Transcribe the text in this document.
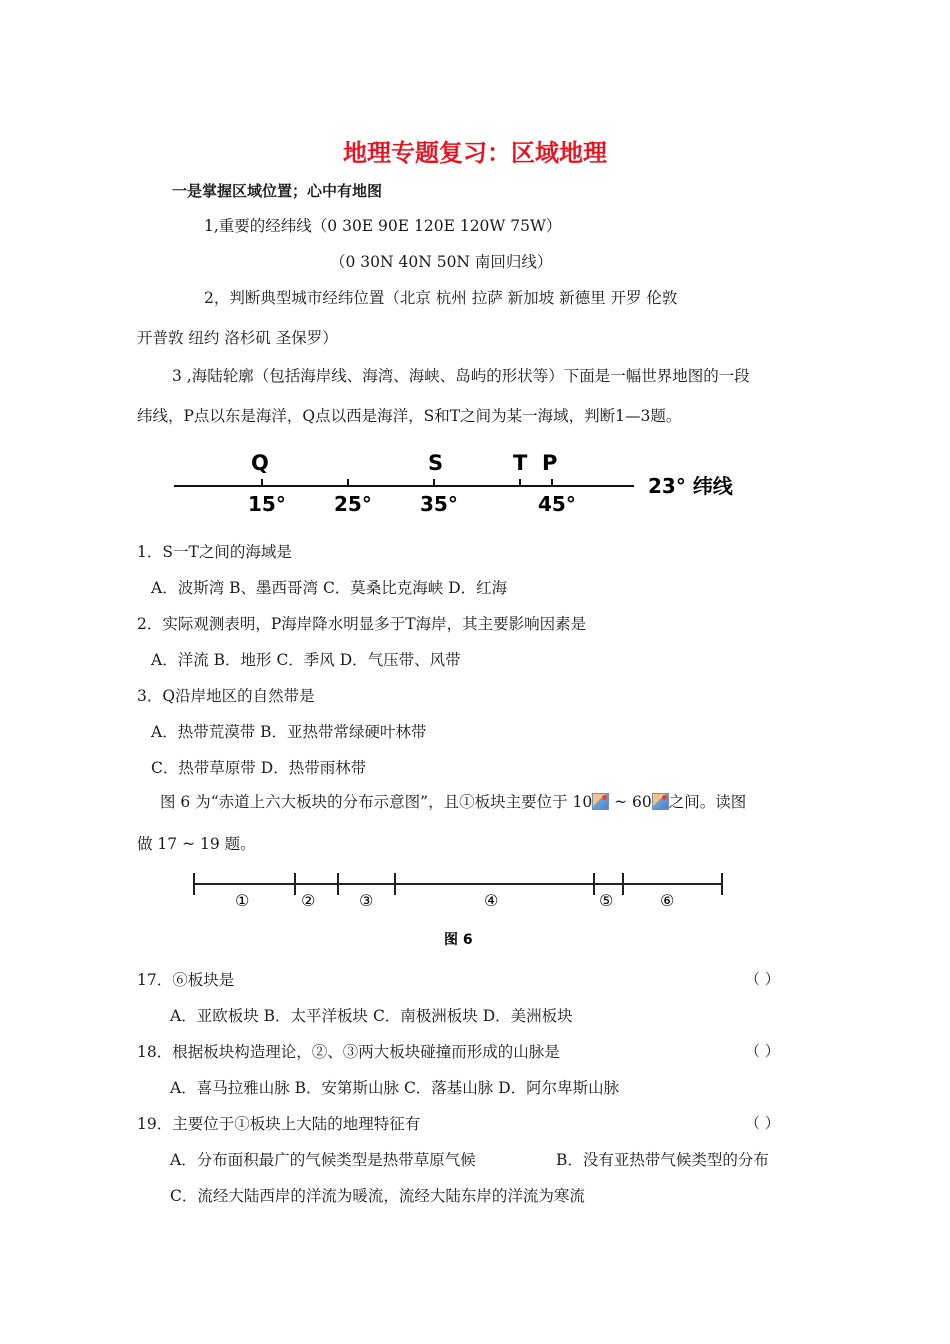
地理专题复习：区域地理
一是掌握区域位置；心中有地图
1,重要的经纬线（0 30E 90E 120E 120W 75W）
（0 30N 40N 50N 南回归线）
2，判断典型城市经纬位置（北京 杭州 拉萨 新加坡 新德里 开罗 伦敦
开普敦 纽约 洛杉矶 圣保罗）
3 ,海陆轮廓（包括海岸线、海湾、海峡、岛屿的形状等）下面是一幅世界地图的一段
纬线，P点以东是海洋，Q点以西是海洋，S和T之间为某一海域，判断1—3题。
Q	S	T P
15° 25° 35°	45°
23° 纬线
1．S一T之间的海域是
A．波斯湾 B、墨西哥湾 C．莫桑比克海峡 D．红海
2．实际观测表明，P海岸降水明显多于T海岸，其主要影响因素是
A．洋流 B．地形 C．季风 D．气压带、风带
3．Q沿岸地区的自然带是
A．热带荒漠带 B．亚热带常绿硬叶林带
C．热带草原带 D．热带雨林带
图 6 为“赤道上六大板块的分布示意图”，且①板块主要位于 10 ~ 60 之间。读图
做 17 ~ 19 题。
①	②	③	④	⑤	⑥
图 6
17．⑥板块是	（ ）
A．亚欧板块 B．太平洋板块 C．南极洲板块 D．美洲板块
18．根据板块构造理论，②、③两大板块碰撞而形成的山脉是	（ ）
A．喜马拉雅山脉 B．安第斯山脉 C．落基山脉 D．阿尔卑斯山脉
19．主要位于①板块上大陆的地理特征有	（ ）
A．分布面积最广的气候类型是热带草原气候	B．没有亚热带气候类型的分布
C．流经大陆西岸的洋流为暖流，流经大陆东岸的洋流为寒流
